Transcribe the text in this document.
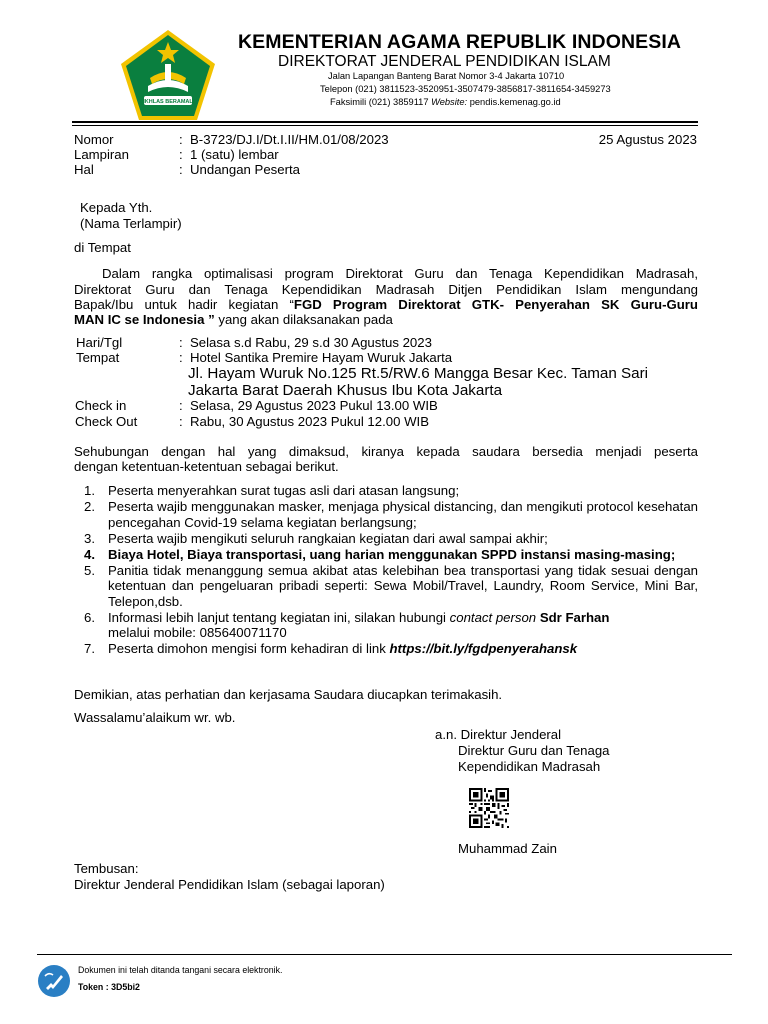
IKHLAS BERAMAL
KEMENTERIAN AGAMA REPUBLIK INDONESIA
DIREKTORAT JENDERAL PENDIDIKAN ISLAM
Jalan Lapangan Banteng Barat Nomor 3-4 Jakarta 10710
Telepon (021) 3811523-3520951-3507479-3856817-3811654-3459273
Faksimili (021) 3859117 Website: pendis.kemenag.go.id
Nomor	: B-3723/DJ.I/Dt.I.II/HM.01/08/2023	25 Agustus 2023
Lampiran	: 1 (satu) lembar
Hal	: Undangan Peserta
Kepada Yth.
(Nama Terlampir)
di Tempat
Dalam rangka optimalisasi program Direktorat Guru dan Tenaga Kependidikan Madrasah,
Direktorat Guru dan Tenaga Kependidikan Madrasah Ditjen Pendidikan Islam mengundang
Bapak/Ibu untuk hadir kegiatan “FGD Program Direktorat GTK- Penyerahan SK Guru-Guru
MAN IC se Indonesia ” yang akan dilaksanakan pada
Hari/Tgl	: Selasa s.d Rabu, 29 s.d 30 Agustus 2023
Tempat	: Hotel Santika Premire Hayam Wuruk Jakarta
Jl. Hayam Wuruk No.125 Rt.5/RW.6 Mangga Besar Kec. Taman Sari
Jakarta Barat Daerah Khusus Ibu Kota Jakarta
Check in	: Selasa, 29 Agustus 2023 Pukul 13.00 WIB
Check Out	: Rabu, 30 Agustus 2023 Pukul 12.00 WIB
Sehubungan dengan hal yang dimaksud, kiranya kepada saudara bersedia menjadi peserta
dengan ketentuan-ketentuan sebagai berikut.
1. Peserta menyerahkan surat tugas asli dari atasan langsung;
2. Peserta wajib menggunakan masker, menjaga physical distancing, dan mengikuti protocol kesehatan pencegahan Covid-19 selama kegiatan berlangsung;
3. Peserta wajib mengikuti seluruh rangkaian kegiatan dari awal sampai akhir;
4. Biaya Hotel, Biaya transportasi, uang harian menggunakan SPPD instansi masing-masing;
5. Panitia tidak menanggung semua akibat atas kelebihan bea transportasi yang tidak sesuai dengan ketentuan dan pengeluaran pribadi seperti: Sewa Mobil/Travel, Laundry, Room Service, Mini Bar, Telepon,dsb.
6. Informasi lebih lanjut tentang kegiatan ini, silakan hubungi contact person Sdr Farhan
melalui mobile: 085640071170
7. Peserta dimohon mengisi form kehadiran di link https://bit.ly/fgdpenyerahansk
Demikian, atas perhatian dan kerjasama Saudara diucapkan terimakasih.
Wassalamu’alaikum wr. wb.
a.n. Direktur Jenderal
Direktur Guru dan Tenaga
Kependidikan Madrasah
Muhammad Zain
Tembusan:
Direktur Jenderal Pendidikan Islam (sebagai laporan)
Dokumen ini telah ditanda tangani secara elektronik.
Token : 3D5bi2
